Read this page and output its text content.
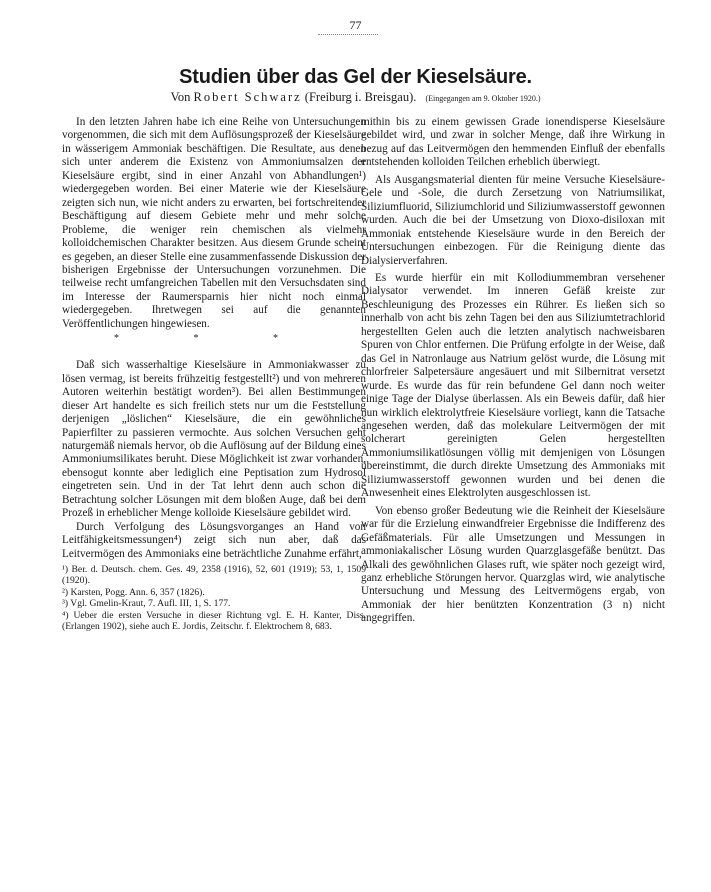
77
Studien über das Gel der Kieselsäure.
Von Robert Schwarz (Freiburg i. Breisgau). (Eingegangen am 9. Oktober 1920.)

In den letzten Jahren habe ich eine Reihe von Untersuchungen vorgenommen, die sich mit dem Auflösungsprozeß der Kieselsäure in wässerigem Ammoniak beschäftigen. Die Resultate, aus denen sich unter anderem die Existenz von Ammoniumsalzen der Kieselsäure ergibt, sind in einer Anzahl von Abhandlungen¹) wiedergegeben worden. Bei einer Materie wie der Kieselsäure zeigten sich nun, wie nicht anders zu erwarten, bei fortschreitender Beschäftigung auf diesem Gebiete mehr und mehr solche Probleme, die weniger rein chemischen als vielmehr kolloidchemischen Charakter besitzen. Aus diesem Grunde scheint es gegeben, an dieser Stelle eine zusammenfassende Diskussion der bisherigen Ergebnisse der Untersuchungen vorzunehmen. Die teilweise recht umfangreichen Tabellen mit den Versuchsdaten sind im Interesse der Raumersparnis hier nicht noch einmal wiedergegeben. Ihretwegen sei auf die genannten Veröffentlichungen hingewiesen.

* * *

Daß sich wasserhaltige Kieselsäure in Ammoniakwasser zu lösen vermag, ist bereits frühzeitig festgestellt²) und von mehreren Autoren weiterhin bestätigt worden³). Bei allen Bestimmungen dieser Art handelte es sich freilich stets nur um die Feststellung derjenigen „löslichen“ Kieselsäure, die ein gewöhnliches Papierfilter zu passieren vermochte. Aus solchen Versuchen geht naturgemäß niemals hervor, ob die Auflösung auf der Bildung eines Ammoniumsilikates beruht. Diese Möglichkeit ist zwar vorhanden, ebensogut konnte aber lediglich eine Peptisation zum Hydrosol eingetreten sein. Und in der Tat lehrt denn auch schon die Betrachtung solcher Lösungen mit dem bloßen Auge, daß bei dem Prozeß in erheblicher Menge kolloide Kieselsäure gebildet wird.

Durch Verfolgung des Lösungsvorganges an Hand von Leitfähigkeitsmessungen⁴) zeigt sich nun aber, daß das Leitvermögen des Ammoniaks eine beträchtliche Zunahme erfährt,

¹) Ber. d. Deutsch. chem. Ges. 49, 2358 (1916), 52, 601 (1919); 53, 1, 1509 (1920).
²) Karsten, Pogg. Ann. 6, 357 (1826).
³) Vgl. Gmelin-Kraut, 7. Aufl. III, 1, S. 177.
⁴) Ueber die ersten Versuche in dieser Richtung vgl. E. H. Kanter, Diss. (Erlangen 1902), siehe auch E. Jordis, Zeitschr. f. Elektrochem 8, 683.

mithin bis zu einem gewissen Grade ionendisperse Kieselsäure gebildet wird, und zwar in solcher Menge, daß ihre Wirkung in bezug auf das Leitvermögen den hemmenden Einfluß der ebenfalls entstehenden kolloiden Teilchen erheblich überwiegt.

Als Ausgangsmaterial dienten für meine Versuche Kieselsäure-Gele und -Sole, die durch Zersetzung von Natriumsilikat, Siliziumfluorid, Siliziumchlorid und Siliziumwasserstoff gewonnen wurden. Auch die bei der Umsetzung von Dioxo-disiloxan mit Ammoniak entstehende Kieselsäure wurde in den Bereich der Untersuchungen einbezogen. Für die Reinigung diente das Dialysierverfahren.

Es wurde hierfür ein mit Kollodiummembran versehener Dialysator verwendet. Im inneren Gefäß kreiste zur Beschleunigung des Prozesses ein Rührer. Es ließen sich so innerhalb von acht bis zehn Tagen bei den aus Siliziumtetrachlorid hergestellten Gelen auch die letzten analytisch nachweisbaren Spuren von Chlor entfernen. Die Prüfung erfolgte in der Weise, daß das Gel in Natronlauge aus Natrium gelöst wurde, die Lösung mit chlorfreier Salpetersäure angesäuert und mit Silbernitrat versetzt wurde. Es wurde das für rein befundene Gel dann noch weiter einige Tage der Dialyse überlassen. Als ein Beweis dafür, daß hier nun wirklich elektrolytfreie Kieselsäure vorliegt, kann die Tatsache angesehen werden, daß das molekulare Leitvermögen der mit solcherart gereinigten Gelen hergestellten Ammoniumsilikatlösungen völlig mit demjenigen von Lösungen übereinstimmt, die durch direkte Umsetzung des Ammoniaks mit Siliziumwasserstoff gewonnen wurden und bei denen die Anwesenheit eines Elektrolyten ausgeschlossen ist.

Von ebenso großer Bedeutung wie die Reinheit der Kieselsäure war für die Erzielung einwandfreier Ergebnisse die Indifferenz des Gefäßmaterials. Für alle Umsetzungen und Messungen in ammoniakalischer Lösung wurden Quarzglasgefäße benützt. Das Alkali des gewöhnlichen Glases ruft, wie später noch gezeigt wird, ganz erhebliche Störungen hervor. Quarzglas wird, wie analytische Untersuchung und Messung des Leitvermögens ergab, von Ammoniak der hier benützten Konzentration (3 n) nicht angegriffen.
